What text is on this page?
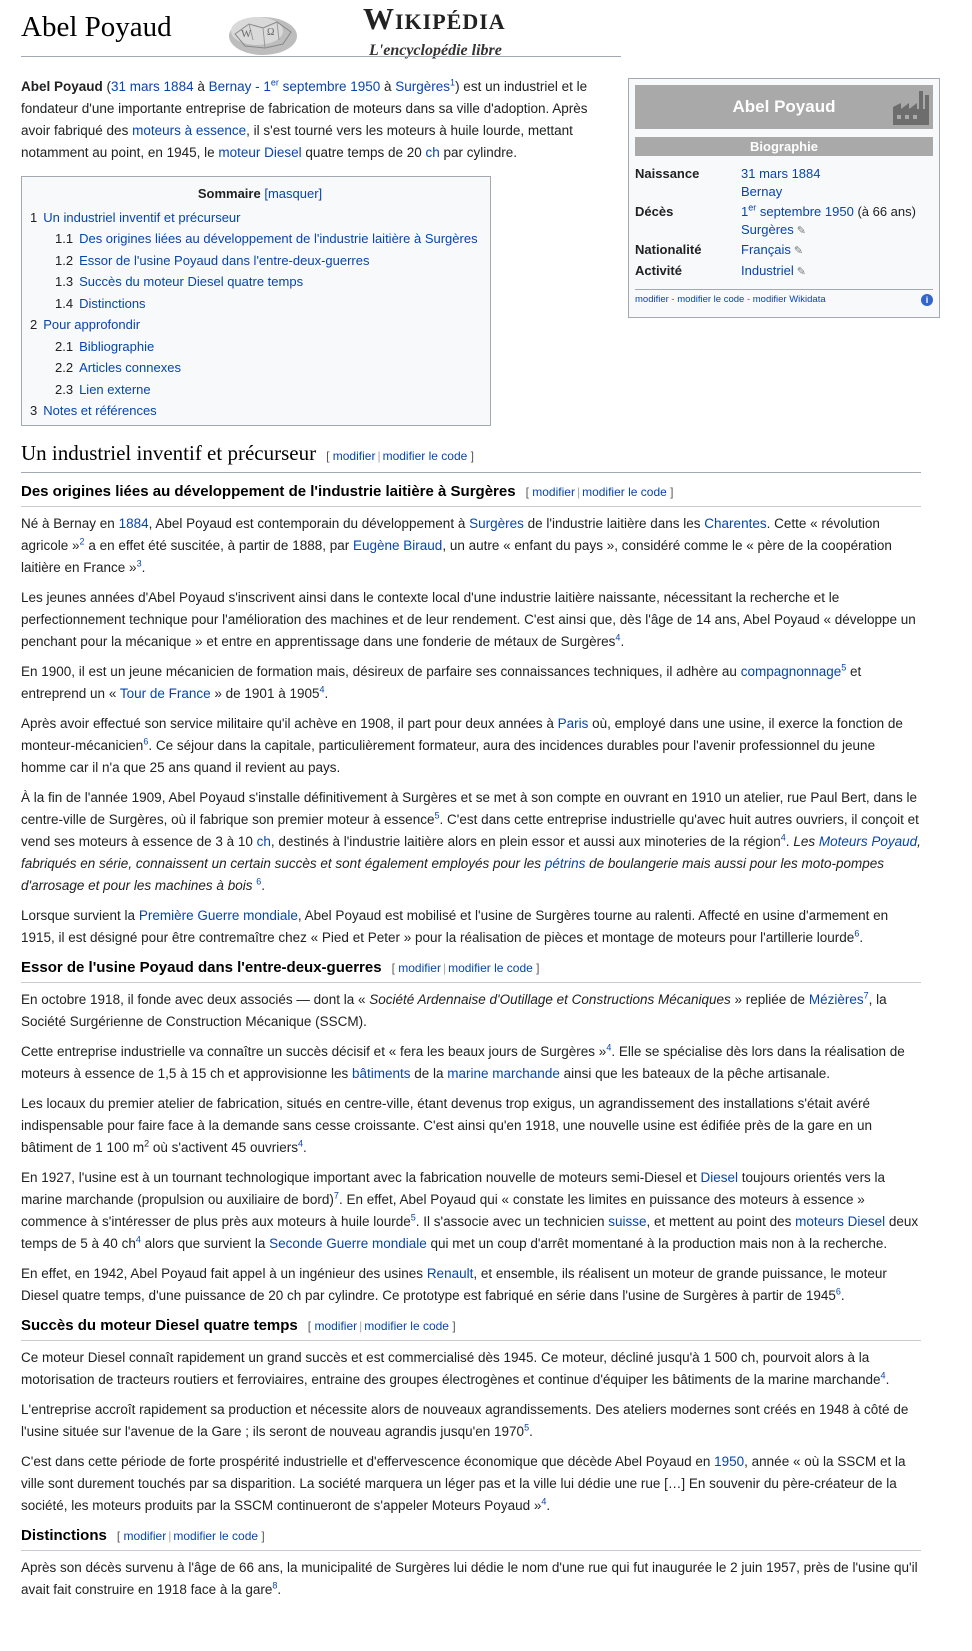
Abel Poyaud	W Ω	Wikipédia
L'encyclopédie libre

Abel Poyaud (31 mars 1884 à Bernay - 1er septembre 1950 à Surgères$^1$) est un industriel et le fondateur d'une importante entreprise de fabrication de moteurs dans sa ville d'adoption. Après avoir fabriqué des moteurs à essence, il s'est tourné vers les moteurs à huile lourde, mettant notamment au point, en 1945, le moteur Diesel quatre temps de 20 ch par cylindre.

Sommaire [masquer]
1 Un industriel inventif et précurseur
1.1 Des origines liées au développement de l'industrie laitière à Surgères
1.2 Essor de l'usine Poyaud dans l'entre-deux-guerres
1.3 Succès du moteur Diesel quatre temps
1.4 Distinctions
2 Pour approfondir
2.1 Bibliographie
2.2 Articles connexes
2.3 Lien externe
3 Notes et références
Abel Poyaud
Biographie
Naissance	31 mars 1884
Bernay
Décès	1er septembre 1950 (à 66 ans)
Surgères ✎
Nationalité	Français ✎
Activité	Industriel ✎
modifier - modifier le code - modifier Wikidata	i
Un industriel inventif et précurseur [ modifier | modifier le code ]
Des origines liées au développement de l'industrie laitière à Surgères [ modifier | modifier le code ]

Né à Bernay en 1884, Abel Poyaud est contemporain du développement à Surgères de l'industrie laitière dans les Charentes. Cette « révolution agricole »$^2$ a en effet été suscitée, à partir de 1888, par Eugène Biraud, un autre « enfant du pays », considéré comme le « père de la coopération laitière en France »$^3$.

Les jeunes années d'Abel Poyaud s'inscrivent ainsi dans le contexte local d'une industrie laitière naissante, nécessitant la recherche et le perfectionnement technique pour l'amélioration des machines et de leur rendement. C'est ainsi que, dès l'âge de 14 ans, Abel Poyaud « développe un penchant pour la mécanique » et entre en apprentissage dans une fonderie de métaux de Surgères$^4$.

En 1900, il est un jeune mécanicien de formation mais, désireux de parfaire ses connaissances techniques, il adhère au compagnonnage$^5$ et entreprend un « Tour de France » de 1901 à 1905$^4$.

Après avoir effectué son service militaire qu'il achève en 1908, il part pour deux années à Paris où, employé dans une usine, il exerce la fonction de monteur-mécanicien$^6$. Ce séjour dans la capitale, particulièrement formateur, aura des incidences durables pour l'avenir professionnel du jeune homme car il n'a que 25 ans quand il revient au pays.

À la fin de l'année 1909, Abel Poyaud s'installe définitivement à Surgères et se met à son compte en ouvrant en 1910 un atelier, rue Paul Bert, dans le centre-ville de Surgères, où il fabrique son premier moteur à essence$^5$. C'est dans cette entreprise industrielle qu'avec huit autres ouvriers, il conçoit et vend ses moteurs à essence de 3 à 10 ch, destinés à l'industrie laitière alors en plein essor et aussi aux minoteries de la région$^4$. Les Moteurs Poyaud, fabriqués en série, connaissent un certain succès et sont également employés pour les pétrins de boulangerie mais aussi pour les moto-pompes d'arrosage et pour les machines à bois $^6$.

Lorsque survient la Première Guerre mondiale, Abel Poyaud est mobilisé et l'usine de Surgères tourne au ralenti. Affecté en usine d'armement en 1915, il est désigné pour être contremaître chez « Pied et Peter » pour la réalisation de pièces et montage de moteurs pour l'artillerie lourde$^6$.

Essor de l'usine Poyaud dans l'entre-deux-guerres [ modifier | modifier le code ]

En octobre 1918, il fonde avec deux associés — dont la « Société Ardennaise d'Outillage et Constructions Mécaniques » repliée de Mézières$^7$, la Société Surgérienne de Construction Mécanique (SSCM).

Cette entreprise industrielle va connaître un succès décisif et « fera les beaux jours de Surgères »$^4$. Elle se spécialise dès lors dans la réalisation de moteurs à essence de 1,5 à 15 ch et approvisionne les bâtiments de la marine marchande ainsi que les bateaux de la pêche artisanale.

Les locaux du premier atelier de fabrication, situés en centre-ville, étant devenus trop exigus, un agrandissement des installations s'était avéré indispensable pour faire face à la demande sans cesse croissante. C'est ainsi qu'en 1918, une nouvelle usine est édifiée près de la gare en un bâtiment de 1 100 $m^2$ où s'activent 45 ouvriers$^4$.

En 1927, l'usine est à un tournant technologique important avec la fabrication nouvelle de moteurs semi-Diesel et Diesel toujours orientés vers la marine marchande (propulsion ou auxiliaire de bord)$^7$. En effet, Abel Poyaud qui « constate les limites en puissance des moteurs à essence » commence à s'intéresser de plus près aux moteurs à huile lourde$^5$. Il s'associe avec un technicien suisse, et mettent au point des moteurs Diesel deux temps de 5 à 40 $ch^4$ alors que survient la Seconde Guerre mondiale qui met un coup d'arrêt momentané à la production mais non à la recherche.

En effet, en 1942, Abel Poyaud fait appel à un ingénieur des usines Renault, et ensemble, ils réalisent un moteur de grande puissance, le moteur Diesel quatre temps, d'une puissance de 20 ch par cylindre. Ce prototype est fabriqué en série dans l'usine de Surgères à partir de 1945$^6$.

Succès du moteur Diesel quatre temps [ modifier | modifier le code ]

Ce moteur Diesel connaît rapidement un grand succès et est commercialisé dès 1945. Ce moteur, décliné jusqu'à 1 500 ch, pourvoit alors à la motorisation de tracteurs routiers et ferroviaires, entraine des groupes électrogènes et continue d'équiper les bâtiments de la marine marchande$^4$.

L'entreprise accroît rapidement sa production et nécessite alors de nouveaux agrandissements. Des ateliers modernes sont créés en 1948 à côté de l'usine située sur l'avenue de la Gare ; ils seront de nouveau agrandis jusqu'en 1970$^5$.

C'est dans cette période de forte prospérité industrielle et d'effervescence économique que décède Abel Poyaud en 1950, année « où la SSCM et la ville sont durement touchés par sa disparition. La société marquera un léger pas et la ville lui dédie une rue […] En souvenir du père-créateur de la société, les moteurs produits par la SSCM continueront de s'appeler Moteurs Poyaud »$^4$.

Distinctions [ modifier | modifier le code ]

Après son décès survenu à l'âge de 66 ans, la municipalité de Surgères lui dédie le nom d'une rue qui fut inaugurée le 2 juin 1957, près de l'usine qu'il avait fait construire en 1918 face à la gare$^8$.
